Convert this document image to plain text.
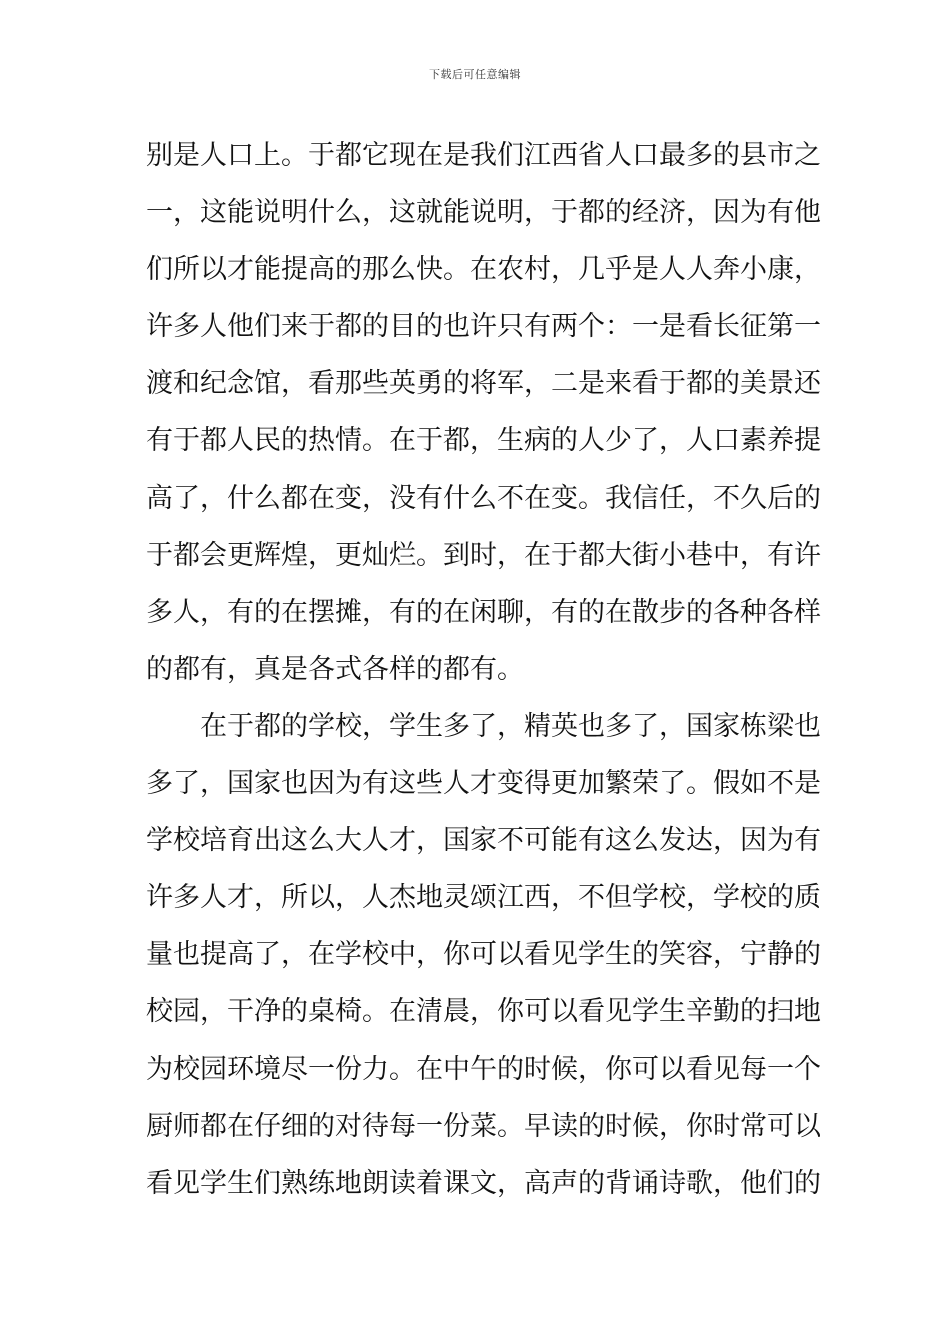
下载后可任意编辑
别是人口上。于都它现在是我们江西省人口最多的县市之
一，这能说明什么，这就能说明，于都的经济，因为有他
们所以才能提高的那么快。在农村，几乎是人人奔小康，
许多人他们来于都的目的也许只有两个：一是看长征第一
渡和纪念馆，看那些英勇的将军，二是来看于都的美景还
有于都人民的热情。在于都，生病的人少了，人口素养提
高了，什么都在变，没有什么不在变。我信任，不久后的
于都会更辉煌，更灿烂。到时，在于都大街小巷中，有许
多人，有的在摆摊，有的在闲聊，有的在散步的各种各样
的都有，真是各式各样的都有。
在于都的学校，学生多了，精英也多了，国家栋梁也
多了，国家也因为有这些人才变得更加繁荣了。假如不是
学校培育出这么大人才，国家不可能有这么发达，因为有
许多人才，所以，人杰地灵颂江西，不但学校，学校的质
量也提高了，在学校中，你可以看见学生的笑容，宁静的
校园，干净的桌椅。在清晨，你可以看见学生辛勤的扫地
为校园环境尽一份力。在中午的时候，你可以看见每一个
厨师都在仔细的对待每一份菜。早读的时候，你时常可以
看见学生们熟练地朗读着课文，高声的背诵诗歌，他们的
